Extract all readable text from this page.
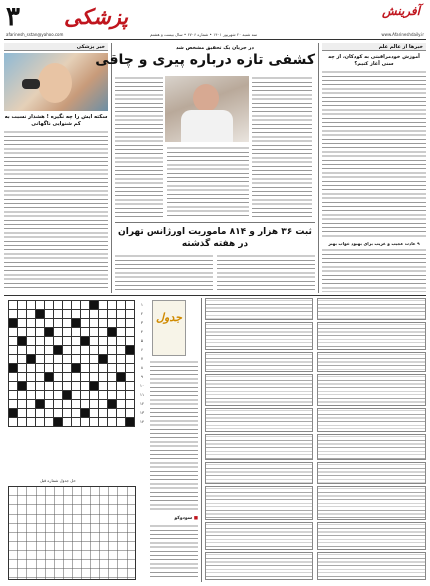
۳ پزشکی	آفرینش
afarinesh_sstan@yahoo.com	www.Afarineshdaily.ir
سه شنبه ۲۰ شهریور ۱۴۰۱ • شماره ۶۷۰۶ • سال بیست و هشتم
خبر پزشکی
سکته ایش را چه نگیره ! هشدار نسبت به کم شنوایی ناگهانی
در جریان یک تحقیق مشخص شد
کشفی تازه درباره پیری و چاقی
ثبت ۳۶ هزار و ۸۱۴ ماموریت اورژانس تهران در هفته گذشته
خبرها از عالم علم
آموزش خودمراقبتی به کودکان، از چه سنی آغاز کنیم؟
۹ عادت عجیب و غریب برای بهبود خواب بهتر

۱
۲
۳
۴
۵
۶
۷
۸
۹
۱۰
۱۱
۱۲
۱۳
۱۴
جدول
حل جدول شماره قبل
■ سودوکو
